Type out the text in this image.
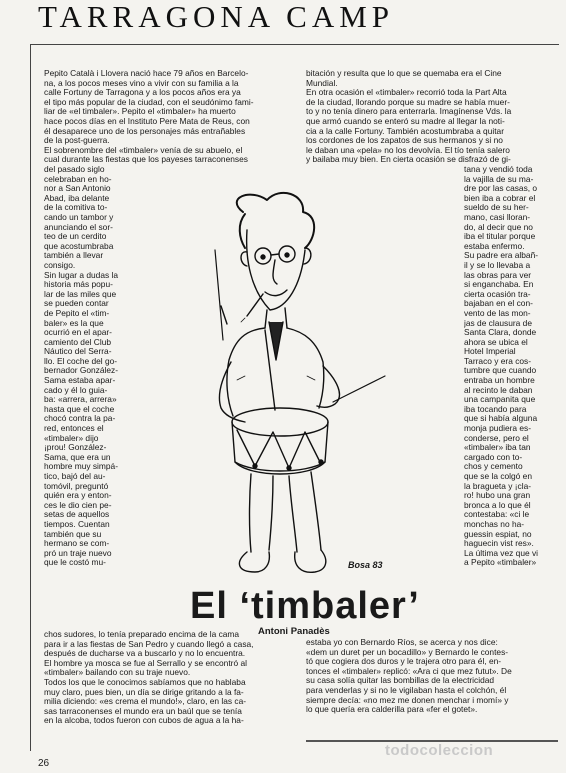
TARRAGONA CAMP
Pepito Català i Llovera nació hace 79 años en Barcelo-
na, a los pocos meses vino a vivir con su familia a la
calle Fortuny de Tarragona y a los pocos años era ya
el tipo más popular de la ciudad, con el seudónimo fami-
liar de «el timbaler». Pepito el «timbaler» ha muerto
hace pocos días en el Instituto Pere Mata de Reus, con
él desaparece uno de los personajes más entrañables
de la post-guerra.
El sobrenombre del «timbaler» venía de su abuelo, el
cual durante las fiestas que los payeses tarraconenses
del pasado siglo
celebraban en ho-
nor a San Antonio
Abad, iba delante
de la comitiva to-
cando un tambor y
anunciando el sor-
teo de un cerdito
que acostumbraba
también a llevar
consigo.
Sin lugar a dudas la
historia más popu-
lar de las miles que
se pueden contar
de Pepito el «tim-
baler» es la que
ocurrió en el apar-
camiento del Club
Náutico del Serra-
llo. El coche del go-
bernador González-
Sama estaba apar-
cado y él lo guia-
ba: «arrera, arrera»
hasta que el coche
chocó contra la pa-
red, entonces el
«timbaler» dijo
¡prou! González-
Sama, que era un
hombre muy simpá-
tico, bajó del au-
tomóvil, preguntó
quién era y enton-
ces le dio cien pe-
setas de aquellos
tiempos. Cuentan
también que su
hermano se com-
pró un traje nuevo
que le costó mu-
chos sudores, lo tenía preparado encima de la cama
para ir a las fiestas de San Pedro y cuando llegó a casa,
después de ducharse va a buscarlo y no lo encuentra.
El hombre ya mosca se fue al Serrallo y se encontró al
«timbaler» bailando con su traje nuevo.
Todos los que le conocimos sabíamos que no hablaba
muy claro, pues bien, un día se dirige gritando a la fa-
milia diciendo: «es crema el mundo!», claro, en las ca-
sas tarraconenses el mundo era un baúl que se tenía
en la alcoba, todos fueron con cubos de agua a la ha-
bitación y resulta que lo que se quemaba era el Cine
Mundial.
En otra ocasión el «timbaler» recorrió toda la Part Alta
de la ciudad, llorando porque su madre se había muer-
to y no tenía dinero para enterrarla. Imagínense Vds. la
que armó cuando se enteró su madre al llegar la noti-
cia a la calle Fortuny. También acostumbraba a quitar
los cordones de los zapatos de sus hermanos y si no
le daban una «pela» no los devolvía. El tío tenía salero
y bailaba muy bien. En cierta ocasión se disfrazó de gi-
tana y vendió toda
la vajilla de su ma-
dre por las casas, o
bien iba a cobrar el
sueldo de su her-
mano, casi lloran-
do, al decir que no
iba el titular porque
estaba enfermo.
Su padre era albañ-
il y se lo llevaba a
las obras para ver
si enganchaba. En
cierta ocasión tra-
bajaban en el con-
vento de las mon-
jas de clausura de
Santa Clara, donde
ahora se ubica el
Hotel Imperial
Tarraco y era cos-
tumbre que cuando
entraba un hombre
al recinto le daban
una campanita que
iba tocando para
que si había alguna
monja pudiera es-
conderse, pero el
«timbaler» iba tan
cargado con to-
chos y cemento
que se la colgó en
la bragueta y ¡cla-
ro! hubo una gran
bronca a lo que él
contestaba: «ci le
monchas no ha-
guessin espiat, no
haguecin vist res».
La última vez que vi
a Pepito «timbaler»
estaba yo con Bernardo Ríos, se acerca y nos dice:
«dem un duret per un bocadillo» y Bernardo le contes-
tó que cogiera dos duros y le trajera otro para él, en-
tonces el «timbaler» replicó: «Ara ci que mez futut». De
su casa solía quitar las bombillas de la electricidad
para venderlas y si no le vigilaban hasta el colchón, él
siempre decía: «no mez me donen menchar i momí» y
lo que quería era calderilla para «fer el gotet».
Bosa 83
El ‘timbaler’
Antoni Panadès
todocoleccion
26
